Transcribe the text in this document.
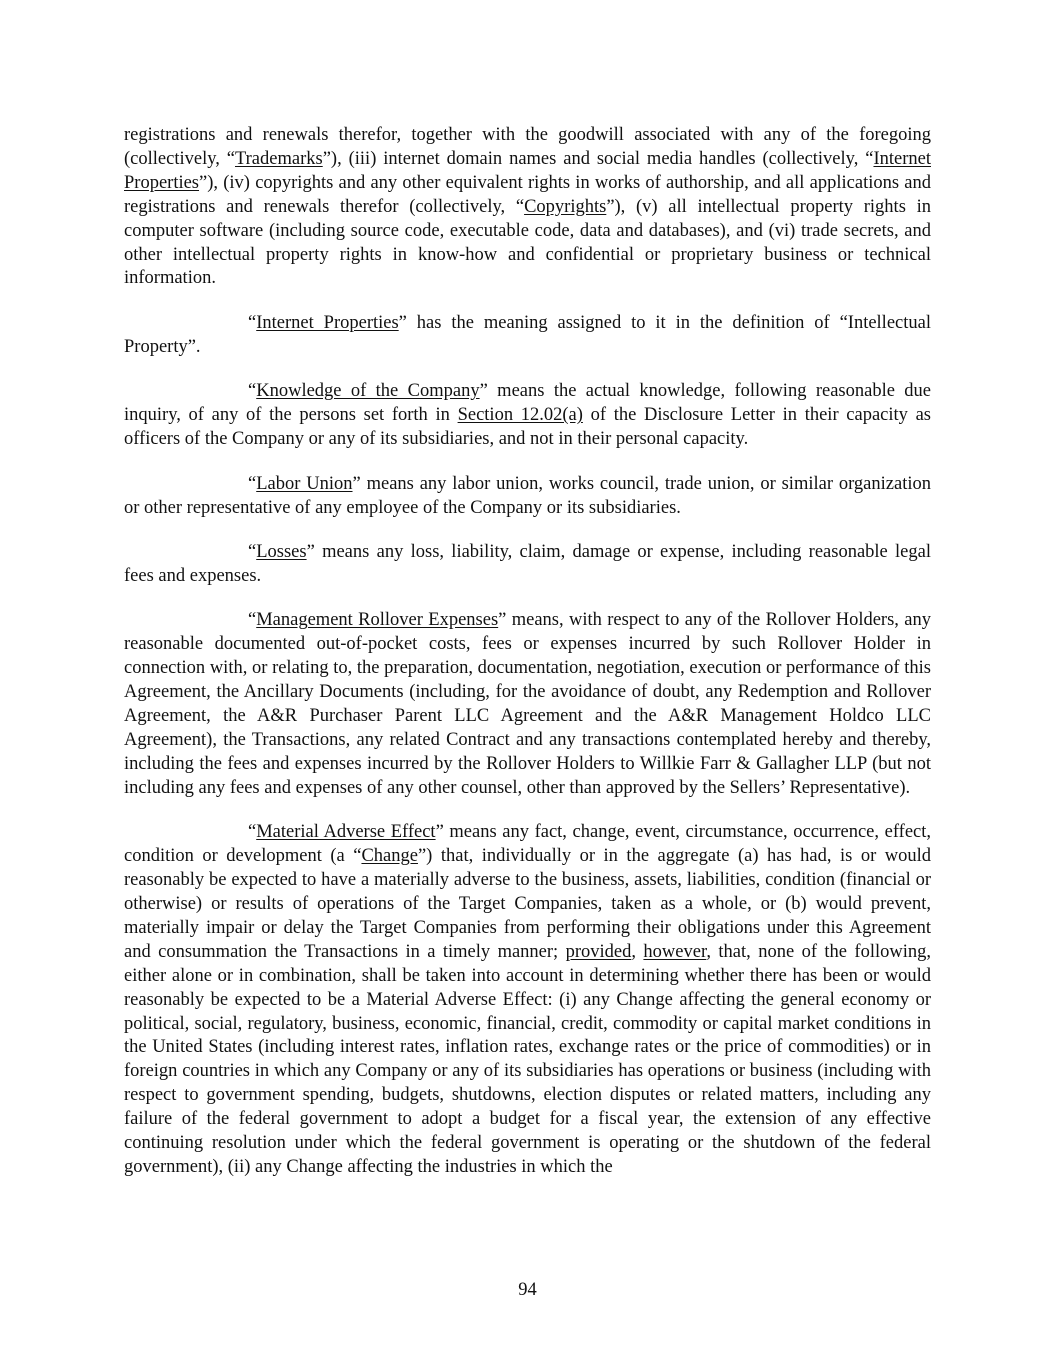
registrations and renewals therefor, together with the goodwill associated with any of the foregoing (collectively, “Trademarks”), (iii) internet domain names and social media handles (collectively, “Internet Properties”), (iv) copyrights and any other equivalent rights in works of authorship, and all applications and registrations and renewals therefor (collectively, “Copyrights”), (v) all intellectual property rights in computer software (including source code, executable code, data and databases), and (vi) trade secrets, and other intellectual property rights in know-how and confidential or proprietary business or technical information.

“Internet Properties” has the meaning assigned to it in the definition of “Intellectual Property”.

“Knowledge of the Company” means the actual knowledge, following reasonable due inquiry, of any of the persons set forth in Section 12.02(a) of the Disclosure Letter in their capacity as officers of the Company or any of its subsidiaries, and not in their personal capacity.

“Labor Union” means any labor union, works council, trade union, or similar organization or other representative of any employee of the Company or its subsidiaries.

“Losses” means any loss, liability, claim, damage or expense, including reasonable legal fees and expenses.

“Management Rollover Expenses” means, with respect to any of the Rollover Holders, any reasonable documented out-of-pocket costs, fees or expenses incurred by such Rollover Holder in connection with, or relating to, the preparation, documentation, negotiation, execution or performance of this Agreement, the Ancillary Documents (including, for the avoidance of doubt, any Redemption and Rollover Agreement, the A&R Purchaser Parent LLC Agreement and the A&R Management Holdco LLC Agreement), the Transactions, any related Contract and any transactions contemplated hereby and thereby, including the fees and expenses incurred by the Rollover Holders to Willkie Farr & Gallagher LLP (but not including any fees and expenses of any other counsel, other than approved by the Sellers’ Representative).

“Material Adverse Effect” means any fact, change, event, circumstance, occurrence, effect, condition or development (a “Change”) that, individually or in the aggregate (a) has had, is or would reasonably be expected to have a materially adverse to the business, assets, liabilities, condition (financial or otherwise) or results of operations of the Target Companies, taken as a whole, or (b) would prevent, materially impair or delay the Target Companies from performing their obligations under this Agreement and consummation the Transactions in a timely manner; provided, however, that, none of the following, either alone or in combination, shall be taken into account in determining whether there has been or would reasonably be expected to be a Material Adverse Effect: (i) any Change affecting the general economy or political, social, regulatory, business, economic, financial, credit, commodity or capital market conditions in the United States (including interest rates, inflation rates, exchange rates or the price of commodities) or in foreign countries in which any Company or any of its subsidiaries has operations or business (including with respect to government spending, budgets, shutdowns, election disputes or related matters, including any failure of the federal government to adopt a budget for a fiscal year, the extension of any effective continuing resolution under which the federal government is operating or the shutdown of the federal government), (ii) any Change affecting the industries in which the

94
